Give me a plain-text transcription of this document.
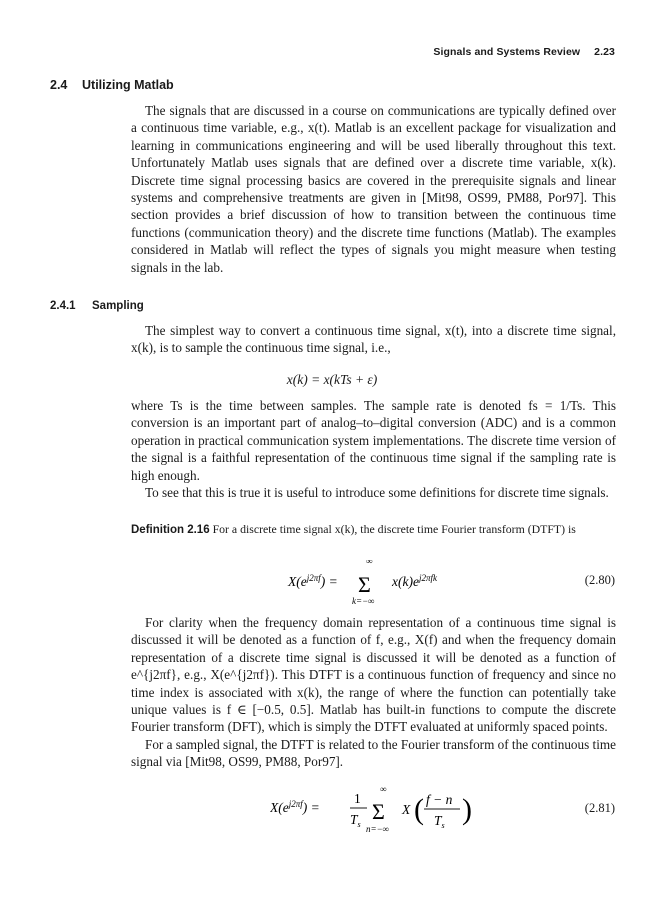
Signals and Systems Review 2.23
2.4 Utilizing Matlab

The signals that are discussed in a course on communications are typically defined over a continuous time variable, e.g., x(t). Matlab is an excellent package for visualization and learning in communications engineering and will be used liberally throughout this text. Unfortunately Matlab uses signals that are defined over a discrete time variable, x(k). Discrete time signal processing basics are covered in the prerequisite signals and linear systems and comprehensive treatments are given in [Mit98, OS99, PM88, Por97]. This section provides a brief discussion of how to transition between the continuous time functions (communication theory) and the discrete time functions (Matlab). The examples considered in Matlab will reflect the types of signals you might measure when testing signals in the lab.

2.4.1 Sampling

The simplest way to convert a continuous time signal, x(t), into a discrete time signal, x(k), is to sample the continuous time signal, i.e.,

x(k) = x(kTs + ε)

where Ts is the time between samples. The sample rate is denoted fs = 1/Ts. This conversion is an important part of analog–to–digital conversion (ADC) and is a common operation in practical communication system implementations. The discrete time version of the signal is a faithful representation of the continuous time signal if the sampling rate is high enough.

To see that this is true it is useful to introduce some definitions for discrete time signals.

Definition 2.16 For a discrete time signal x(k), the discrete time Fourier transform (DTFT) is
$X(e^{j2\pi f})$ =
∞
Σ
k=−∞
$x(k)e^{j2\pi fk}$	(2.80)

For clarity when the frequency domain representation of a continuous time signal is discussed it will be denoted as a function of f, e.g., X(f) and when the frequency domain representation of a discrete time signal is discussed it will be denoted as a function of e^{j2πf}, e.g., X(e^{j2πf}). This DTFT is a continuous function of frequency and since no time index is associated with x(k), the range of where the function can potentially take unique values is f ∈ [−0.5, 0.5]. Matlab has built-in functions to compute the discrete Fourier transform (DFT), which is simply the DTFT evaluated at uniformly spaced points.

For a sampled signal, the DTFT is related to the Fourier transform of the continuous time signal via [Mit98, OS99, PM88, Por97].

$X(e^{j2\pi f})$ =
1
$T_s$
∞
Σ
n=−∞
X ( f − n
$T_s$ )	(2.81)
